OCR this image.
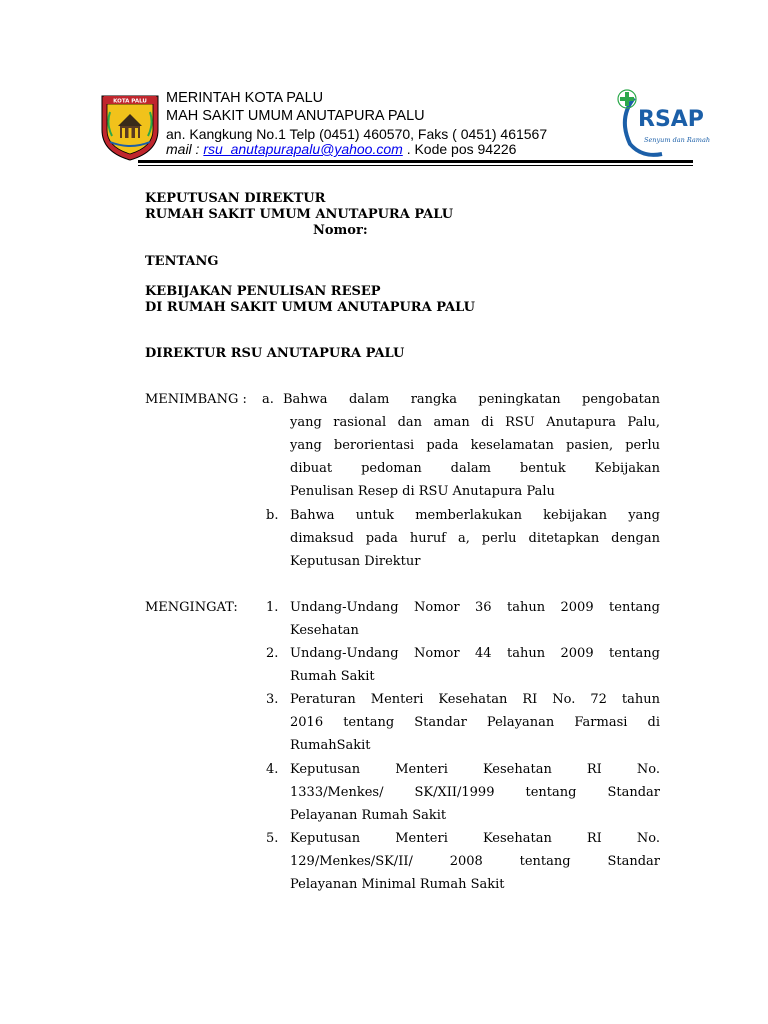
KOTA PALU MERINTAH KOTA PALU
MAH SAKIT UMUM ANUTAPURA PALU
an. Kangkung No.1 Telp (0451) 460570, Faks ( 0451) 461567
mail : rsu_anutapurapalu@yahoo.com . Kode pos 94226
RSAP
Senyum dan Ramah
KEPUTUSAN DIREKTUR
RUMAH SAKIT UMUM ANUTAPURA PALU
Nomor:
TENTANG
KEBIJAKAN PENULISAN RESEP
DI RUMAH SAKIT UMUM ANUTAPURA PALU
DIREKTUR RSU ANUTAPURA PALU
MENIMBANG : a. Bahwa dalam rangka peningkatan pengobatan
yang rasional dan aman di RSU Anutapura Palu,
yang berorientasi pada keselamatan pasien, perlu
dibuat pedoman dalam bentuk Kebijakan
Penulisan Resep di RSU Anutapura Palu
b. Bahwa untuk memberlakukan kebijakan yang
dimaksud pada huruf a, perlu ditetapkan dengan
Keputusan Direktur
MENGINGAT: 1. Undang-Undang Nomor 36 tahun 2009 tentang
Kesehatan
2. Undang-Undang Nomor 44 tahun 2009 tentang
Rumah Sakit
3. Peraturan Menteri Kesehatan RI No. 72 tahun
2016 tentang Standar Pelayanan Farmasi di
RumahSakit
4. Keputusan Menteri Kesehatan RI No.
1333/Menkes/ SK/XII/1999 tentang Standar
Pelayanan Rumah Sakit
5. Keputusan Menteri Kesehatan RI No.
129/Menkes/SK/II/ 2008 tentang Standar
Pelayanan Minimal Rumah Sakit
